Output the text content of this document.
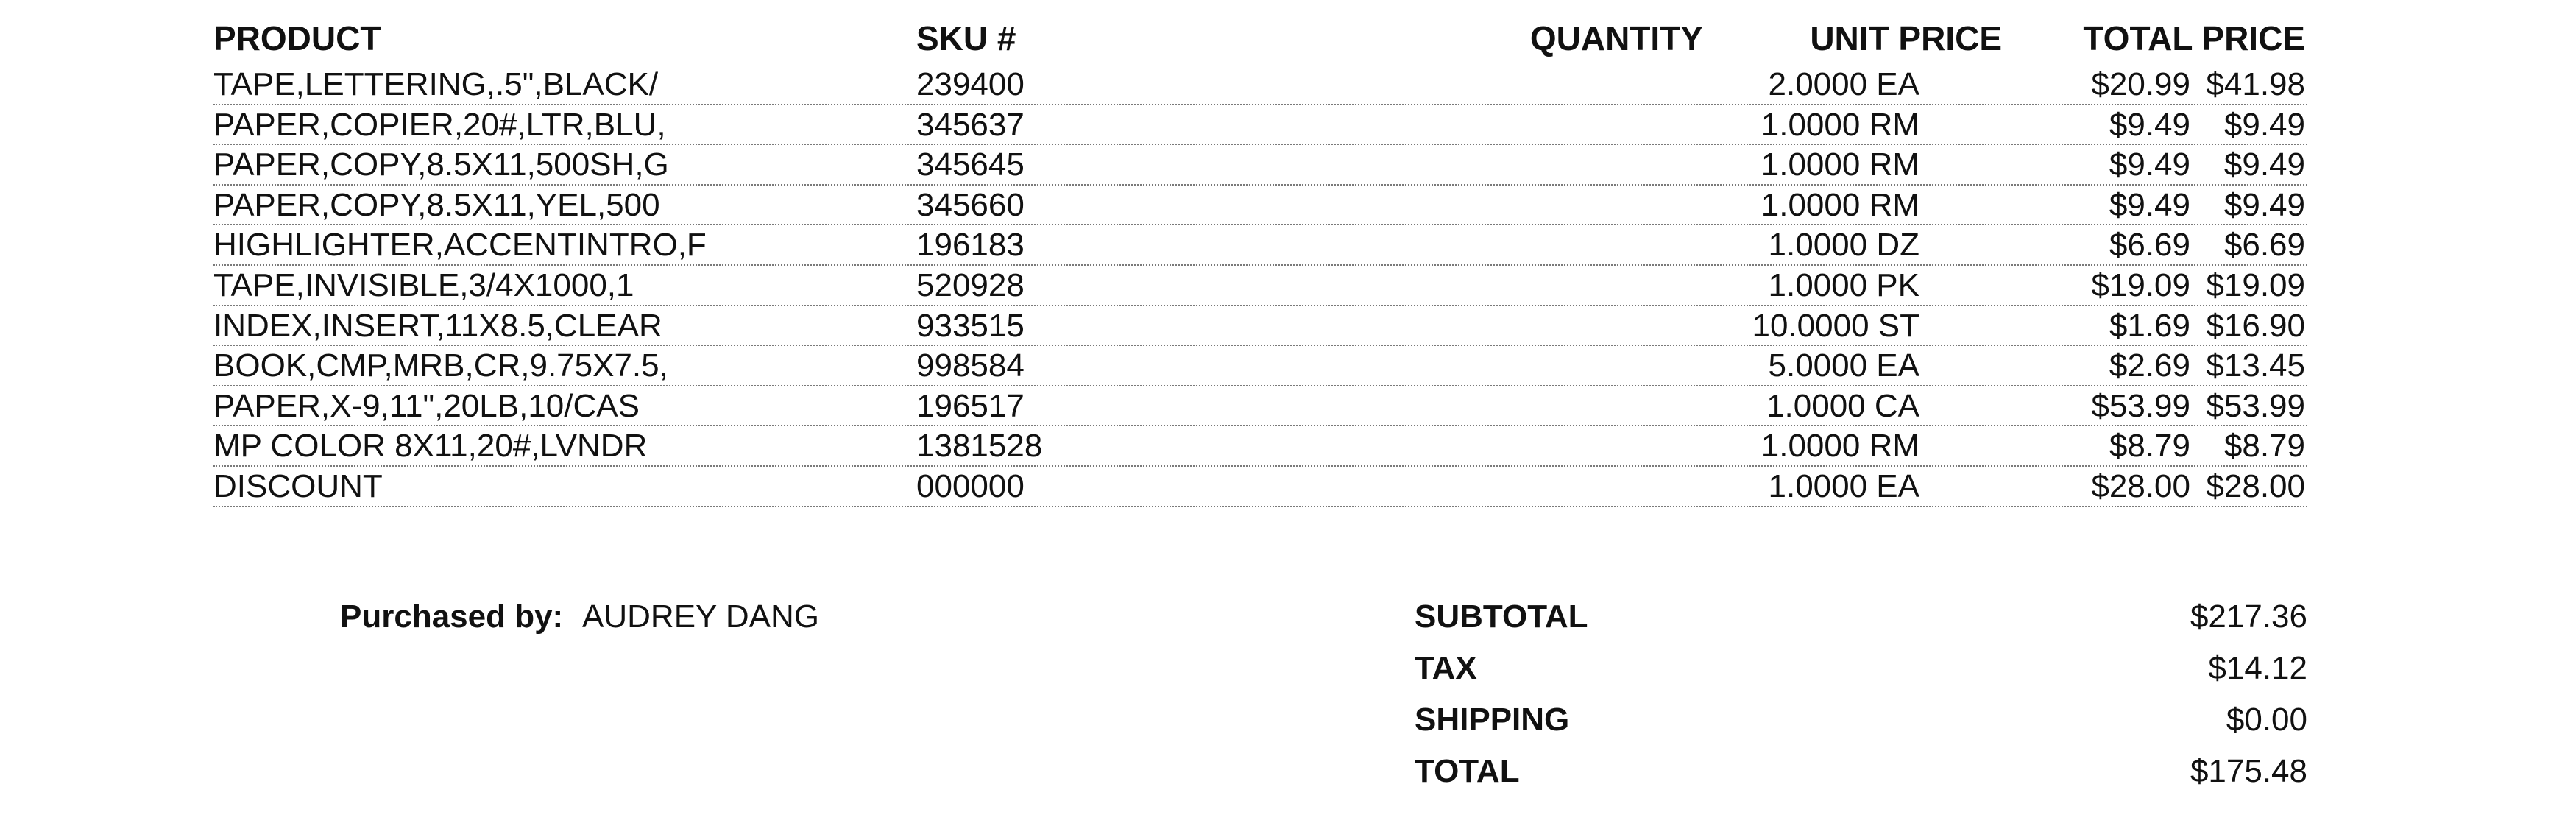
PRODUCT	SKU #	QUANTITY	UNIT PRICE	TOTAL PRICE
TAPE,LETTERING,.5",BLACK/	239400	2.0000 EA	$20.99 $41.98
PAPER,COPIER,20#,LTR,BLU,	345637	1.0000 RM	$9.49	$9.49
PAPER,COPY,8.5X11,500SH,G	345645	1.0000 RM	$9.49	$9.49
PAPER,COPY,8.5X11,YEL,500	345660	1.0000 RM	$9.49	$9.49
HIGHLIGHTER,ACCENTINTRO,F	196183	1.0000 DZ	$6.69	$6.69
TAPE,INVISIBLE,3/4X1000,1	520928	1.0000 PK	$19.09 $19.09
INDEX,INSERT,11X8.5,CLEAR	933515	10.0000 ST	$1.69 $16.90
BOOK,CMP,MRB,CR,9.75X7.5,	998584	5.0000 EA	$2.69 $13.45
PAPER,X-9,11",20LB,10/CAS	196517	1.0000 CA	$53.99 $53.99
MP COLOR 8X11,20#,LVNDR	1381528	1.0000 RM	$8.79	$8.79
DISCOUNT	000000	1.0000 EA	$28.00 $28.00
Purchased by: AUDREY DANG	SUBTOTAL	$217.36
TAX	$14.12
SHIPPING	$0.00
TOTAL	$175.48
